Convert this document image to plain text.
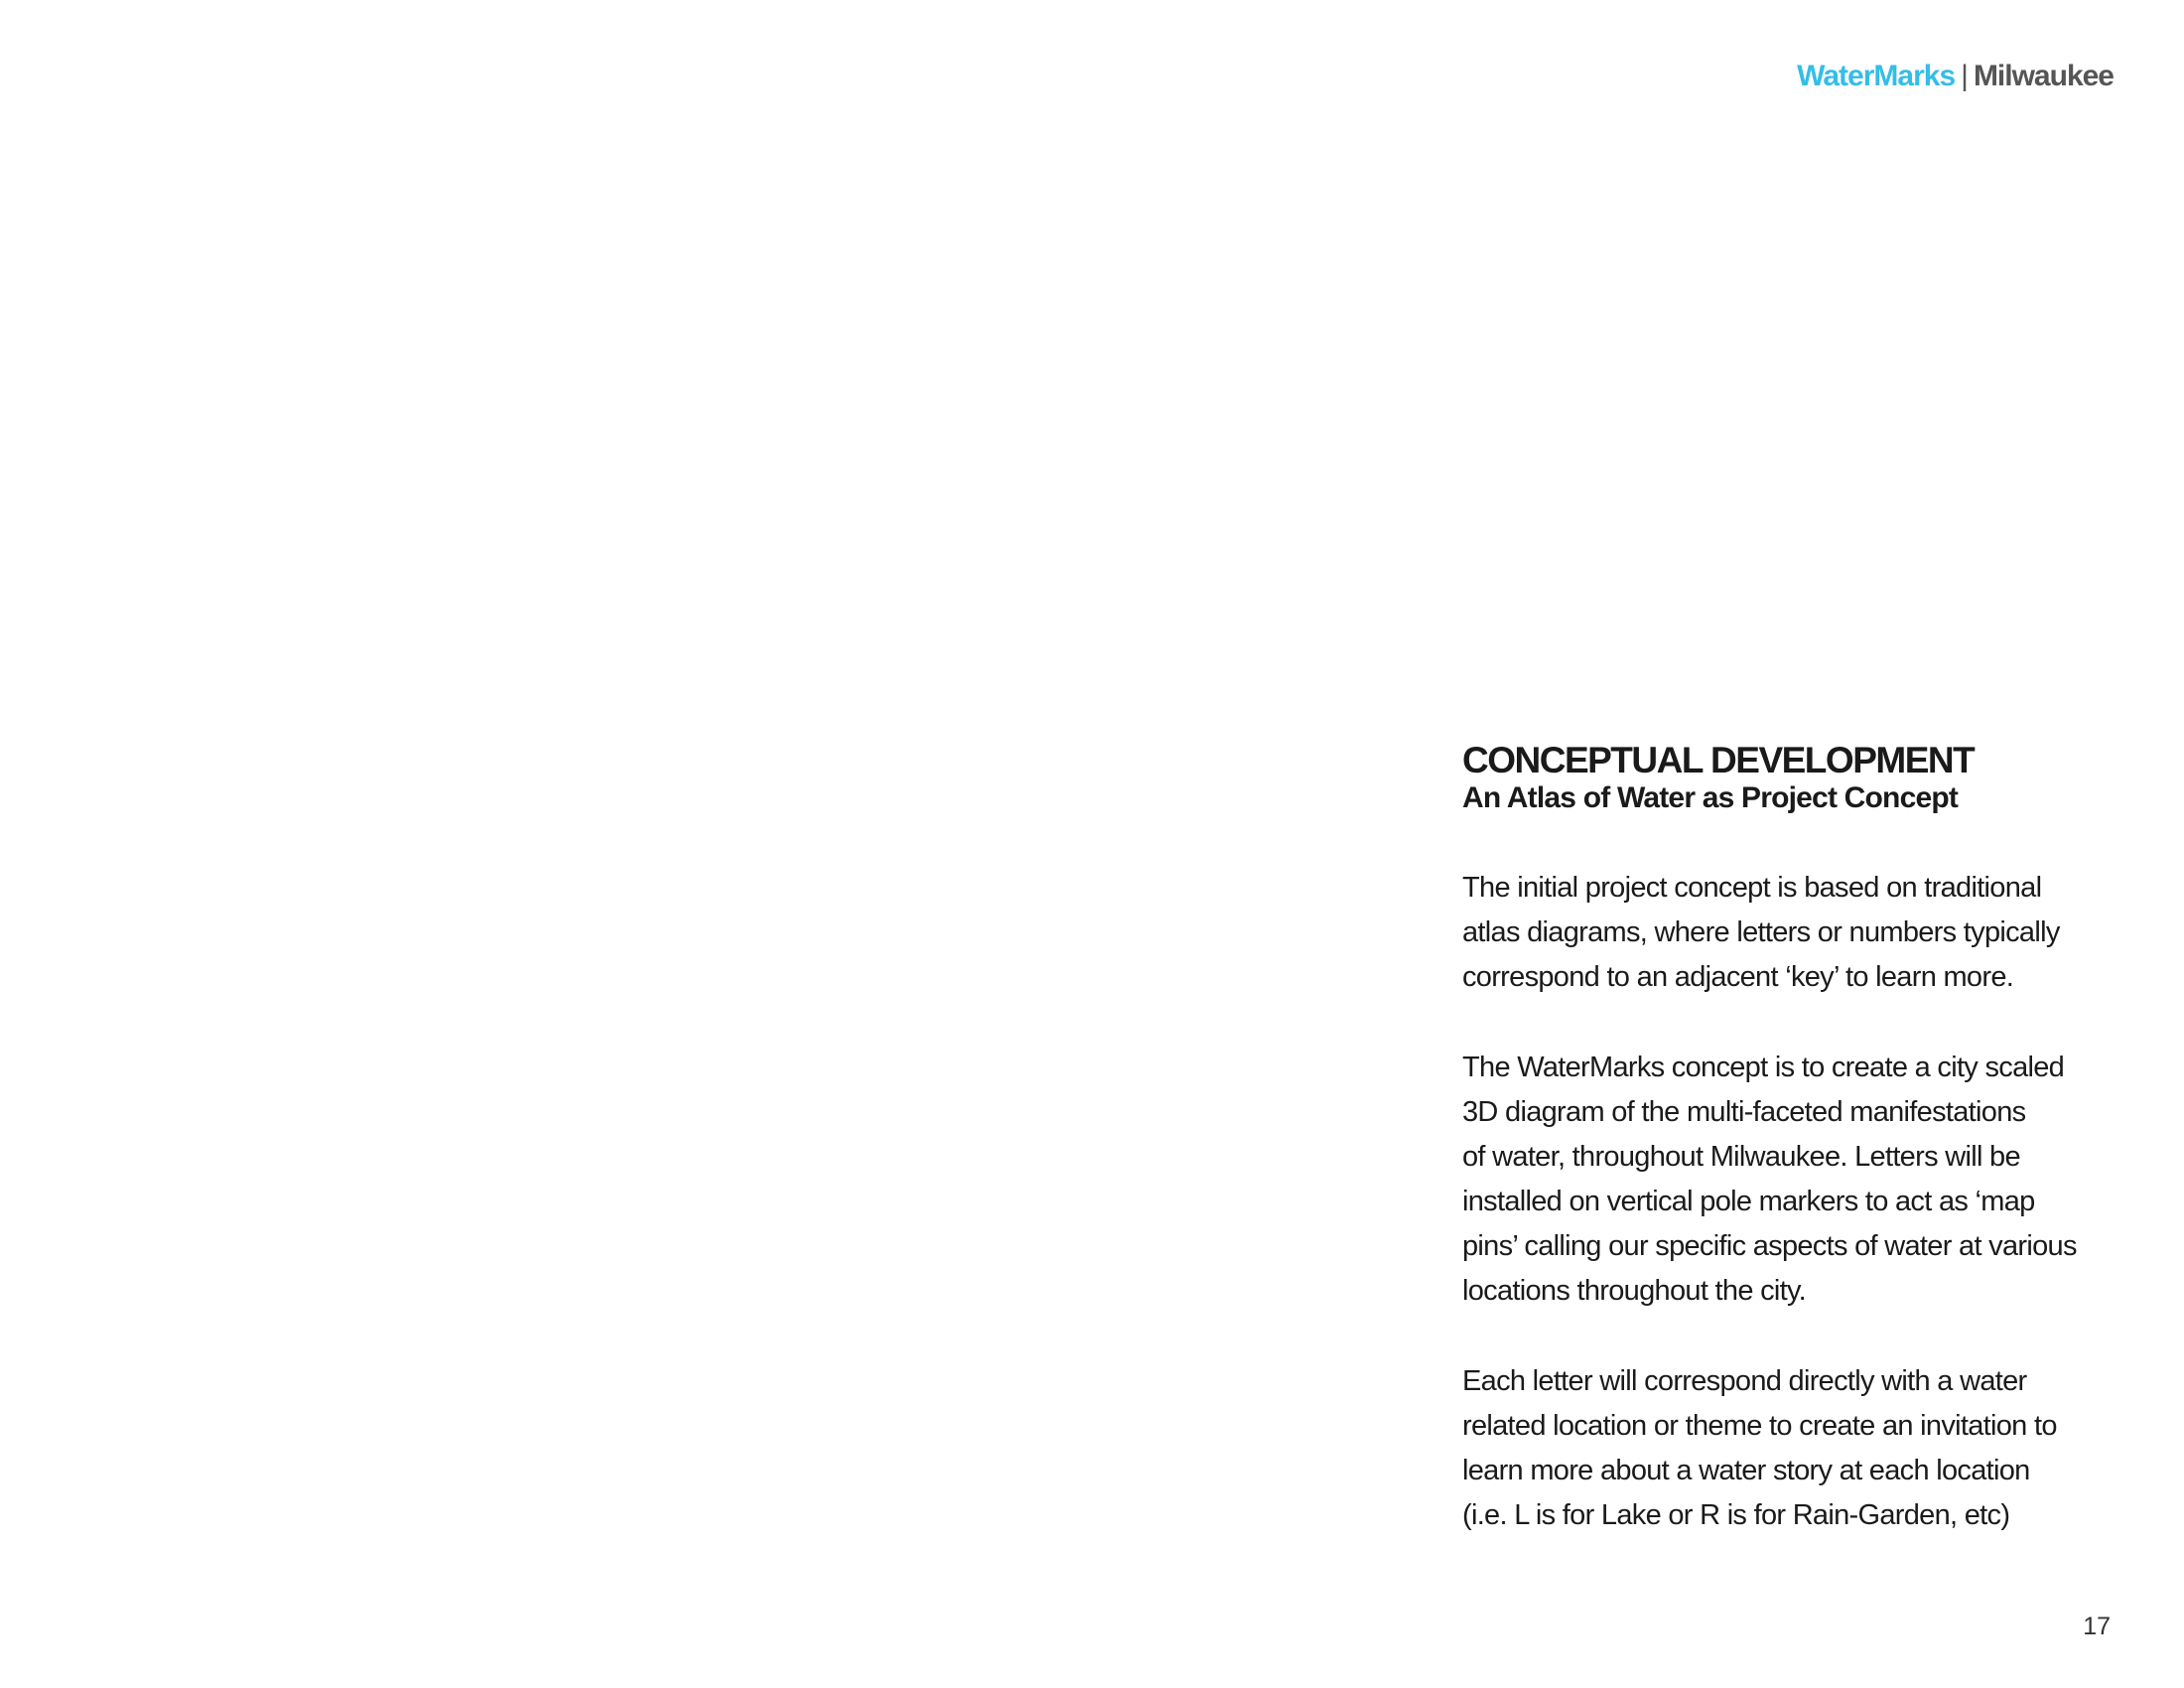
WaterMarks | Milwaukee
CONCEPTUAL DEVELOPMENT
An Atlas of Water as Project Concept

The initial project concept is based on traditional
atlas diagrams, where letters or numbers typically
correspond to an adjacent ‘key’ to learn more.

The WaterMarks concept is to create a city scaled
3D diagram of the multi-faceted manifestations
of water, throughout Milwaukee. Letters will be
installed on vertical pole markers to act as ‘map
pins’ calling our specific aspects of water at various
locations throughout the city.

Each letter will correspond directly with a water
related location or theme to create an invitation to
learn more about a water story at each location
(i.e. L is for Lake or R is for Rain-Garden, etc)

17
